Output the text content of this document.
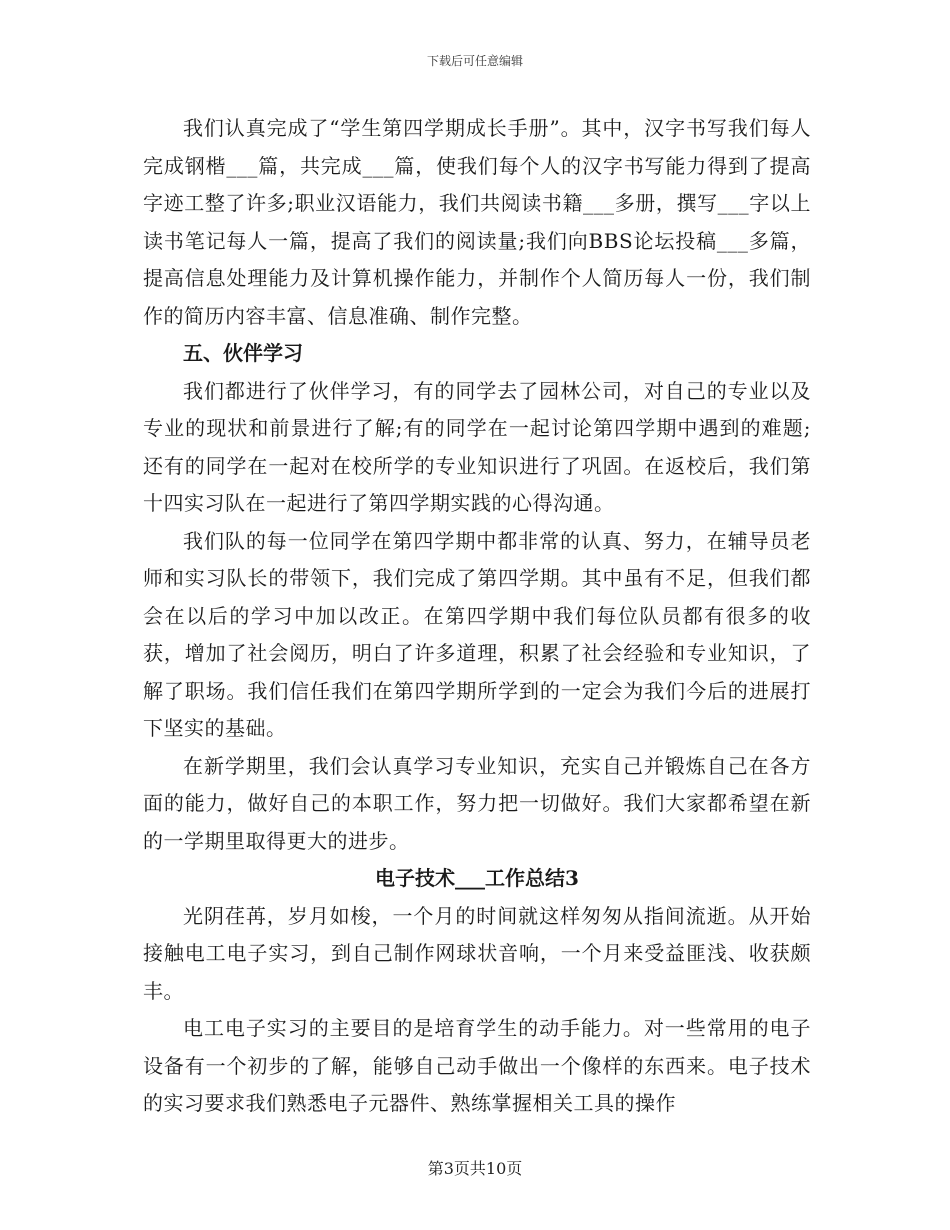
下载后可任意编辑

我们认真完成了“学生第四学期成长手册”。其中，汉字书写我们每人完成钢楷___篇，共完成___篇，使我们每个人的汉字书写能力得到了提高字迹工整了许多;职业汉语能力，我们共阅读书籍___多册，撰写___字以上读书笔记每人一篇，提高了我们的阅读量;我们向BBS论坛投稿___多篇，提高信息处理能力及计算机操作能力，并制作个人简历每人一份，我们制作的简历内容丰富、信息准确、制作完整。

五、伙伴学习

我们都进行了伙伴学习，有的同学去了园林公司，对自己的专业以及专业的现状和前景进行了解;有的同学在一起讨论第四学期中遇到的难题;还有的同学在一起对在校所学的专业知识进行了巩固。在返校后，我们第十四实习队在一起进行了第四学期实践的心得沟通。

我们队的每一位同学在第四学期中都非常的认真、努力，在辅导员老师和实习队长的带领下，我们完成了第四学期。其中虽有不足，但我们都会在以后的学习中加以改正。在第四学期中我们每位队员都有很多的收获，增加了社会阅历，明白了许多道理，积累了社会经验和专业知识，了解了职场。我们信任我们在第四学期所学到的一定会为我们今后的进展打下坚实的基础。

在新学期里，我们会认真学习专业知识，充实自己并锻炼自己在各方面的能力，做好自己的本职工作，努力把一切做好。我们大家都希望在新的一学期里取得更大的进步。

电子技术___工作总结3

光阴荏苒，岁月如梭，一个月的时间就这样匆匆从指间流逝。从开始接触电工电子实习，到自己制作网球状音响，一个月来受益匪浅、收获颇丰。

电工电子实习的主要目的是培育学生的动手能力。对一些常用的电子设备有一个初步的了解，能够自己动手做出一个像样的东西来。电子技术的实习要求我们熟悉电子元器件、熟练掌握相关工具的操作

第3页共10页
